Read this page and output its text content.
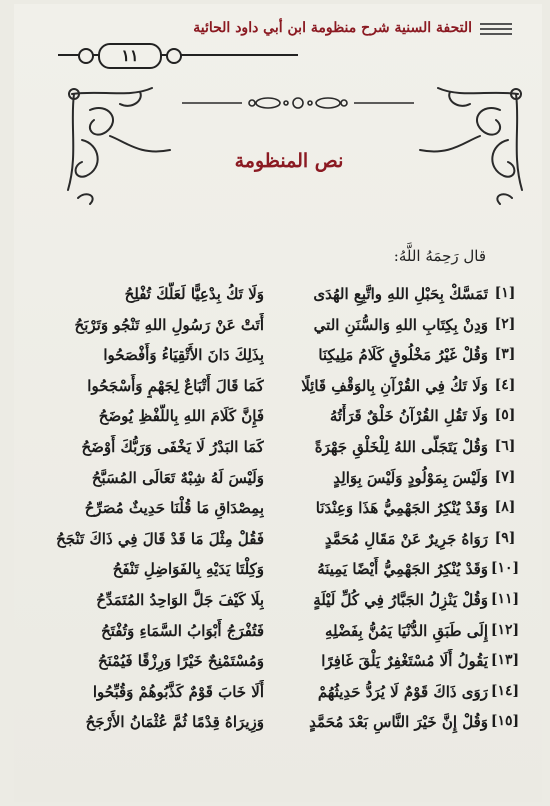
التحفة السنية شرح منظومة ابن أبي داود الحائية
١١
نص المنظومة
قال رَحِمَهُ اللَّهُ:
[١]
تَمَسَّكْ بِحَبْلِ اللهِ واتَّبِعِ الهُدَى
وَلَا تَكُ بِدْعِيًّا لَعَلَّكَ تُفْلِحُ
[٢]
وَدِنْ بِكِتَابِ اللهِ وَالسُّنَنِ التي
أَتَتْ عَنْ رَسُولِ اللهِ تَنْجُو وَتَرْبَحُ
[٣]
وَقُلْ غَيْرُ مَخْلُوقٍ كَلَامُ مَلِيكِنَا
بِذَلِكَ دَانَ الأَتْقِيَاءُ وَأَفْصَحُوا
[٤]
وَلَا تَكُ فِي القُرْآنِ بِالوَقْفِ قَائِلًا
كَمَا قَالَ أَتْبَاعٌ لِجَهْمٍ وَأَسْجَحُوا
[٥]
وَلَا تَقُلِ القُرْآنُ خَلْقٌ قَرَأْتُهُ
فَإِنَّ كَلَامَ اللهِ بِاللَّفْظِ يُوضَحُ
[٦]
وَقُلْ يَتَجَلَّى اللهُ لِلْخَلْقِ جَهْرَةً
كَمَا البَدْرُ لَا يَخْفَى وَرَبُّكَ أَوْضَحُ
[٧]
وَلَيْسَ بِمَوْلُودٍ وَلَيْسَ بِوَالِدٍ
وَلَيْسَ لَهُ شِبْهٌ تَعَالَى المُسَبَّحُ
[٨]
وَقَدْ يُنْكِرُ الجَهْمِيُّ هَذَا وَعِنْدَنَا
بِمِصْدَاقِ مَا قُلْنَا حَدِيثٌ مُصَرِّحُ
[٩]
رَوَاهُ جَرِيرٌ عَنْ مَقَالِ مُحَمَّدٍ
فَقُلْ مِثْلَ مَا قَدْ قَالَ فِي ذَاكَ تَنْجَحُ
[١٠]
وَقَدْ يُنْكِرُ الجَهْمِيُّ أَيْضًا يَمِينَهُ
وَكِلْتَا يَدَيْهِ بِالفَوَاضِلِ تَنْفَحُ
[١١]
وَقُلْ يَنْزِلُ الجَبَّارُ فِي كُلِّ لَيْلَةٍ
بِلَا كَيْفَ جَلَّ الوَاحِدُ المُتَمَدِّحُ
[١٢]
إِلَى طَبَقِ الدُّنْيَا يَمُنُّ بِفَضْلِهِ
فَتُفْرَجُ أَبْوَابُ السَّمَاءِ وَتُفْتَحُ
[١٣]
يَقُولُ أَلَا مُسْتَغْفِرٌ يَلْقَ غَافِرًا
وَمُسْتَمْنِحٌ خَيْرًا وَرِزْقًا فَيُمْنَحُ
[١٤]
رَوَى ذَاكَ قَوْمٌ لَا يُرَدُّ حَدِيثُهُمْ
أَلَا خَابَ قَوْمٌ كَذَّبُوهُمْ وَقُبِّحُوا
[١٥]
وَقُلْ إِنَّ خَيْرَ النَّاسِ بَعْدَ مُحَمَّدٍ
وَزِيرَاهُ قِدْمًا ثُمَّ عُثْمَانُ الأَرْجَحُ
